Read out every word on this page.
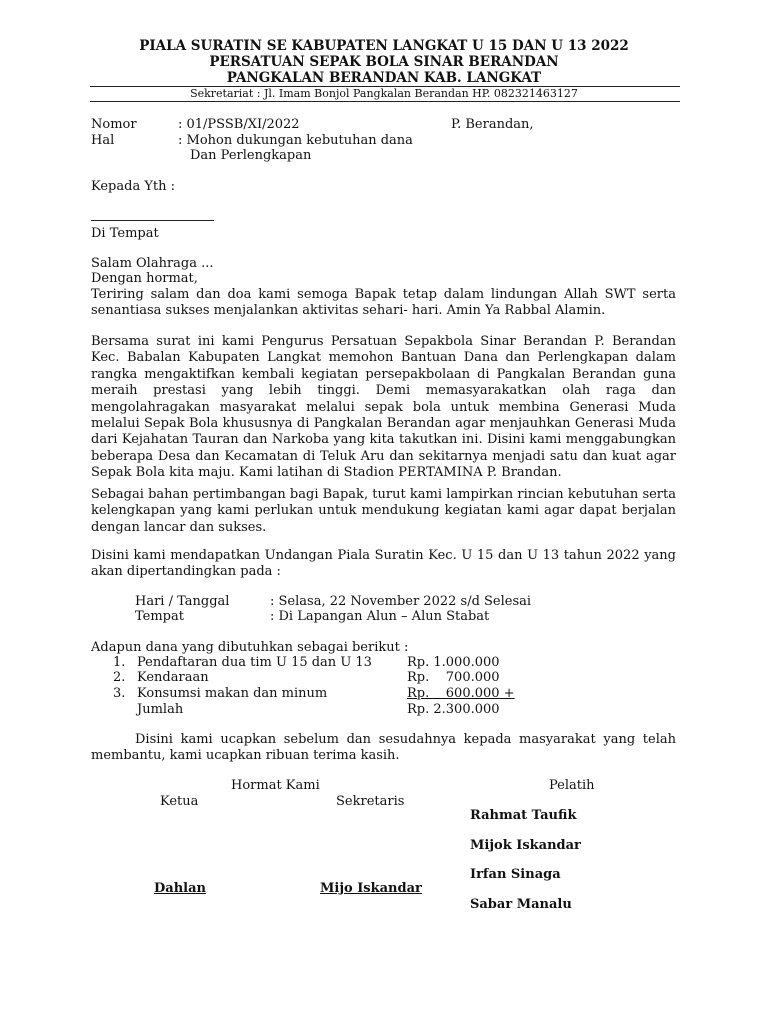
PIALA SURATIN SE KABUPATEN LANGKAT U 15 DAN U 13 2022
PERSATUAN SEPAK BOLA SINAR BERANDAN
PANGKALAN BERANDAN KAB. LANGKAT
Sekretariat : Jl. Imam Bonjol Pangkalan Berandan HP. 082321463127
Nomor	: 01/PSSB/XI/2022	P. Berandan,
Hal	: Mohon dukungan kebutuhan dana
Dan Perlengkapan
Kepada Yth :
Di Tempat
Salam Olahraga ...
Dengan hormat,
Teriring salam dan doa kami semoga Bapak tetap dalam lindungan Allah SWT serta senantiasa sukses menjalankan aktivitas sehari- hari. Amin Ya Rabbal Alamin.
Bersama surat ini kami Pengurus Persatuan Sepakbola Sinar Berandan P. Berandan Kec. Babalan Kabupaten Langkat memohon Bantuan Dana dan Perlengkapan dalam rangka mengaktifkan kembali kegiatan persepakbolaan di Pangkalan Berandan guna meraih prestasi yang lebih tinggi. Demi memasyarakatkan olah raga dan mengolahragakan masyarakat melalui sepak bola untuk membina Generasi Muda melalui Sepak Bola khususnya di Pangkalan Berandan agar menjauhkan Generasi Muda dari Kejahatan Tauran dan Narkoba yang kita takutkan ini. Disini kami menggabungkan beberapa Desa dan Kecamatan di Teluk Aru dan sekitarnya menjadi satu dan kuat agar Sepak Bola kita maju. Kami latihan di Stadion PERTAMINA P. Brandan.
Sebagai bahan pertimbangan bagi Bapak, turut kami lampirkan rincian kebutuhan serta kelengkapan yang kami perlukan untuk mendukung kegiatan kami agar dapat berjalan dengan lancar dan sukses.
Disini kami mendapatkan Undangan Piala Suratin Kec. U 15 dan U 13 tahun 2022 yang akan dipertandingkan pada :
Hari / Tanggal	: Selasa, 22 November 2022 s/d Selesai
Tempat	: Di Lapangan Alun – Alun Stabat
Adapun dana yang dibutuhkan sebagai berikut :
1. Pendaftaran dua tim U 15 dan U 13	Rp. 1.000.000
2. Kendaraan	Rp.    700.000
3. Konsumsi makan dan minum	Rp.    600.000 +
Jumlah	Rp. 2.300.000
Disini kami ucapkan sebelum dan sesudahnya kepada masyarakat yang telah membantu, kami ucapkan ribuan terima kasih.
Hormat Kami	Pelatih
Ketua	Sekretaris
Rahmat Taufik
Mijok Iskandar
Irfan Sinaga
Sabar Manalu
Dahlan	Mijo Iskandar
